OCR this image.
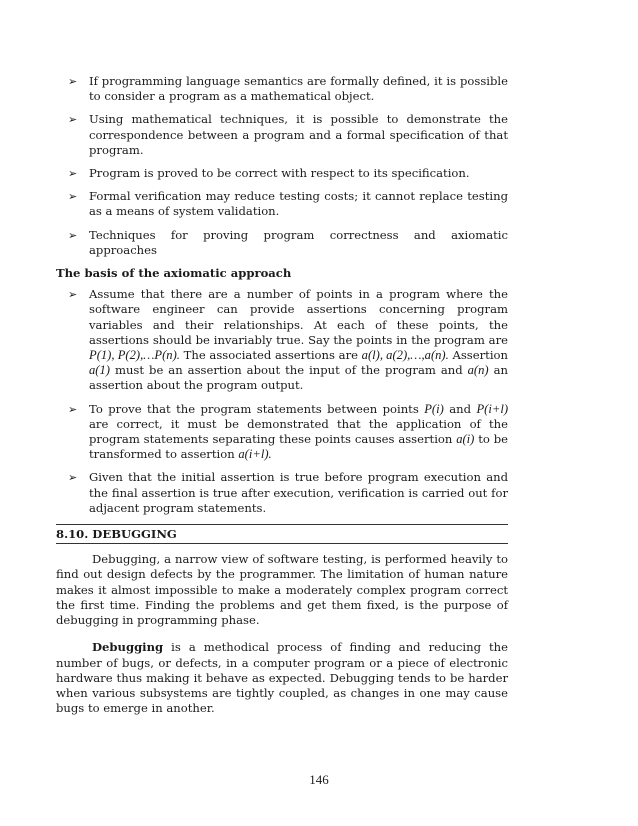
➢ If programming language semantics are formally defined, it is possible to consider a program as a mathematical object.
➢ Using mathematical techniques, it is possible to demonstrate the correspondence between a program and a formal specification of that program.
➢ Program is proved to be correct with respect to its specification.
➢ Formal verification may reduce testing costs; it cannot replace testing as a means of system validation.
➢ Techniques for proving program correctness and axiomatic approaches
The basis of the axiomatic approach
➢ Assume that there are a number of points in a program where the software engineer can provide assertions concerning program variables and their relationships. At each of these points, the assertions should be invariably true. Say the points in the program are P(1), P(2),…P(n). The associated assertions are a(l), a(2),…,a(n). Assertion a(1) must be an assertion about the input of the program and a(n) an assertion about the program output.
➢ To prove that the program statements between points P(i) and P(i+l) are correct, it must be demonstrated that the application of the program statements separating these points causes assertion a(i) to be transformed to assertion a(i+l).
➢ Given that the initial assertion is true before program execution and the final assertion is true after execution, verification is carried out for adjacent program statements.
8.10. DEBUGGING

Debugging, a narrow view of software testing, is performed heavily to find out design defects by the programmer. The limitation of human nature makes it almost impossible to make a moderately complex program correct the first time. Finding the problems and get them fixed, is the purpose of debugging in programming phase.

Debugging is a methodical process of finding and reducing the number of bugs, or defects, in a computer program or a piece of electronic hardware thus making it behave as expected. Debugging tends to be harder when various subsystems are tightly coupled, as changes in one may cause bugs to emerge in another.

146
